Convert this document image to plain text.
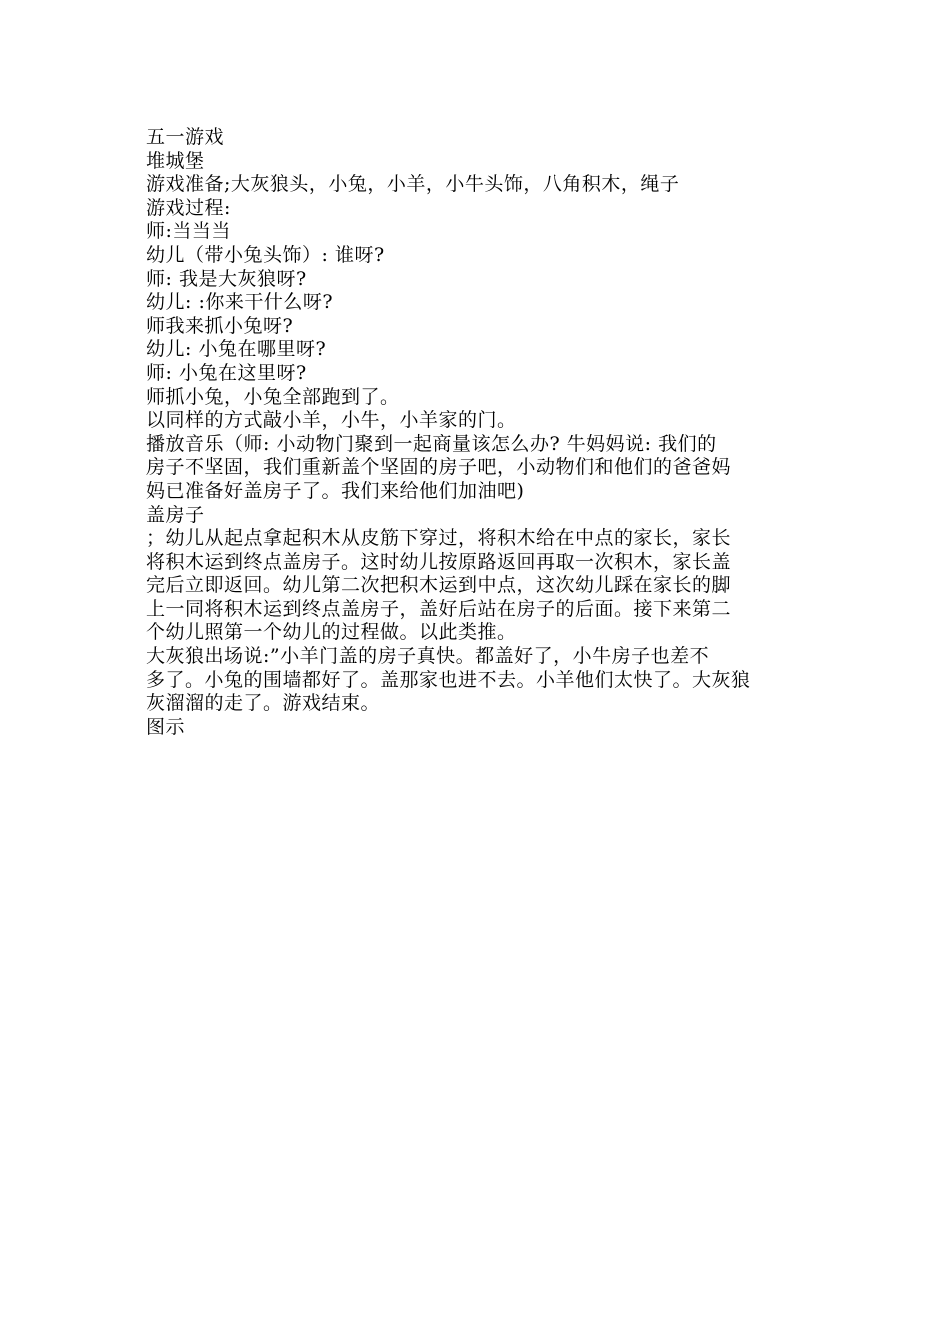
五一游戏
堆城堡
游戏准备;大灰狼头，小兔，小羊，小牛头饰，八角积木，绳子
游戏过程:
师:当当当
幼儿（带小兔头饰）: 谁呀?
师: 我是大灰狼呀?
幼儿: :你来干什么呀?
师我来抓小兔呀?
幼儿: 小兔在哪里呀?
师: 小兔在这里呀?
师抓小兔，小兔全部跑到了。
以同样的方式敲小羊，小牛，小羊家的门。
播放音乐（师: 小动物门聚到一起商量该怎么办? 牛妈妈说: 我们的
房子不坚固，我们重新盖个坚固的房子吧，小动物们和他们的爸爸妈
妈已准备好盖房子了。我们来给他们加油吧)
盖房子
；幼儿从起点拿起积木从皮筋下穿过，将积木给在中点的家长，家长
将积木运到终点盖房子。这时幼儿按原路返回再取一次积木，家长盖
完后立即返回。幼儿第二次把积木运到中点，这次幼儿踩在家长的脚
上一同将积木运到终点盖房子，盖好后站在房子的后面。接下来第二
个幼儿照第一个幼儿的过程做。以此类推。
大灰狼出场说:”小羊门盖的房子真快。都盖好了，小牛房子也差不
多了。小兔的围墙都好了。盖那家也进不去。小羊他们太快了。大灰狼
灰溜溜的走了。游戏结束。
图示
